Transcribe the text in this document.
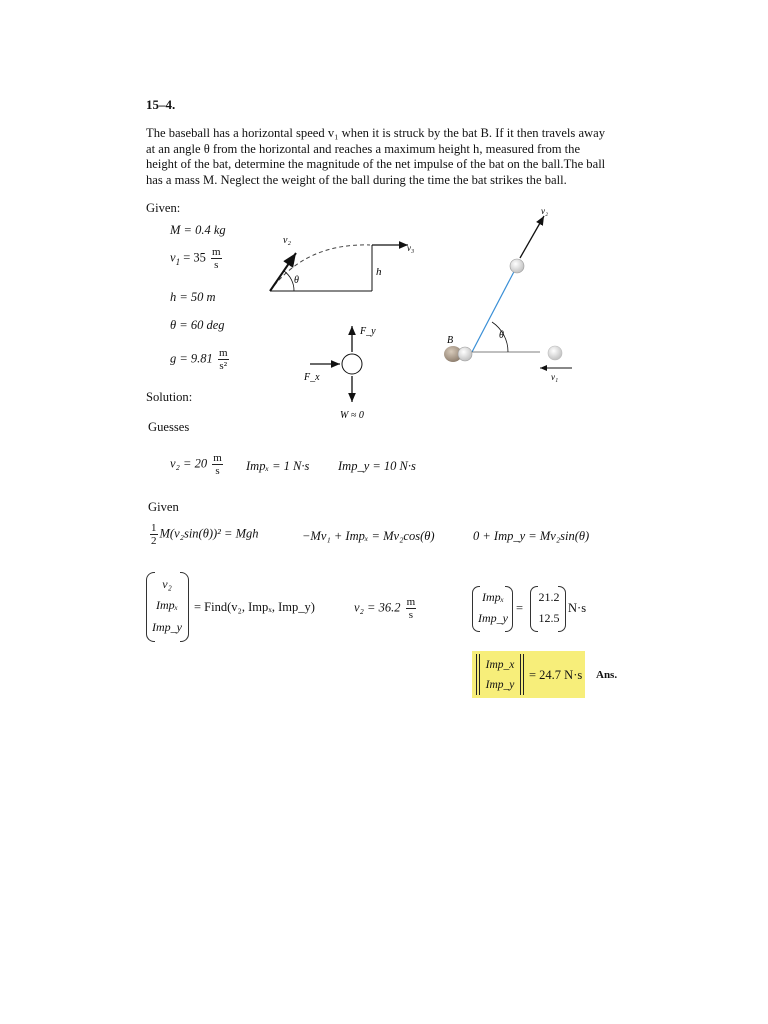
15–4.
The baseball has a horizontal speed v₁ when it is struck by the bat B. If it then travels away
at an angle θ from the horizontal and reaches a maximum height h, measured from the
height of the bat, determine the magnitude of the net impulse of the bat on the ball.The ball
has a mass M. Neglect the weight of the ball during the time the bat strikes the ball.
Given:
M = 0.4 kg
$v_1 = 35 \frac{m}{s}$
h = 50 m
θ = 60 deg
$g = 9.81 \frac{m}{\text{s²}}$
Solution:
v₂
v₃
θ
h
F_y
F_x
W ≈ 0
v₂
B	θ
v₁
Guesses
$v_2 = 20 \frac{m}{s}$ Impₓ = 1 N·s Imp_y = 10 N·s
Given
$\frac{1}{2} M(v_2\sin(\theta))^2$ = Mgh	−Mv₁ + Impₓ = Mv₂cos(θ)	0 + Imp_y = Mv₂sin(θ)
v₂
Impₓ
Imp_y
= Find(v₂, Impₓ, Imp_y)	$v_2 = 36.2 \frac{m}{s}$	Impₓ
Imp_y
=
21.2
12.5
N·s
Imp_x
Imp_y
= 24.7 N·s Ans.
